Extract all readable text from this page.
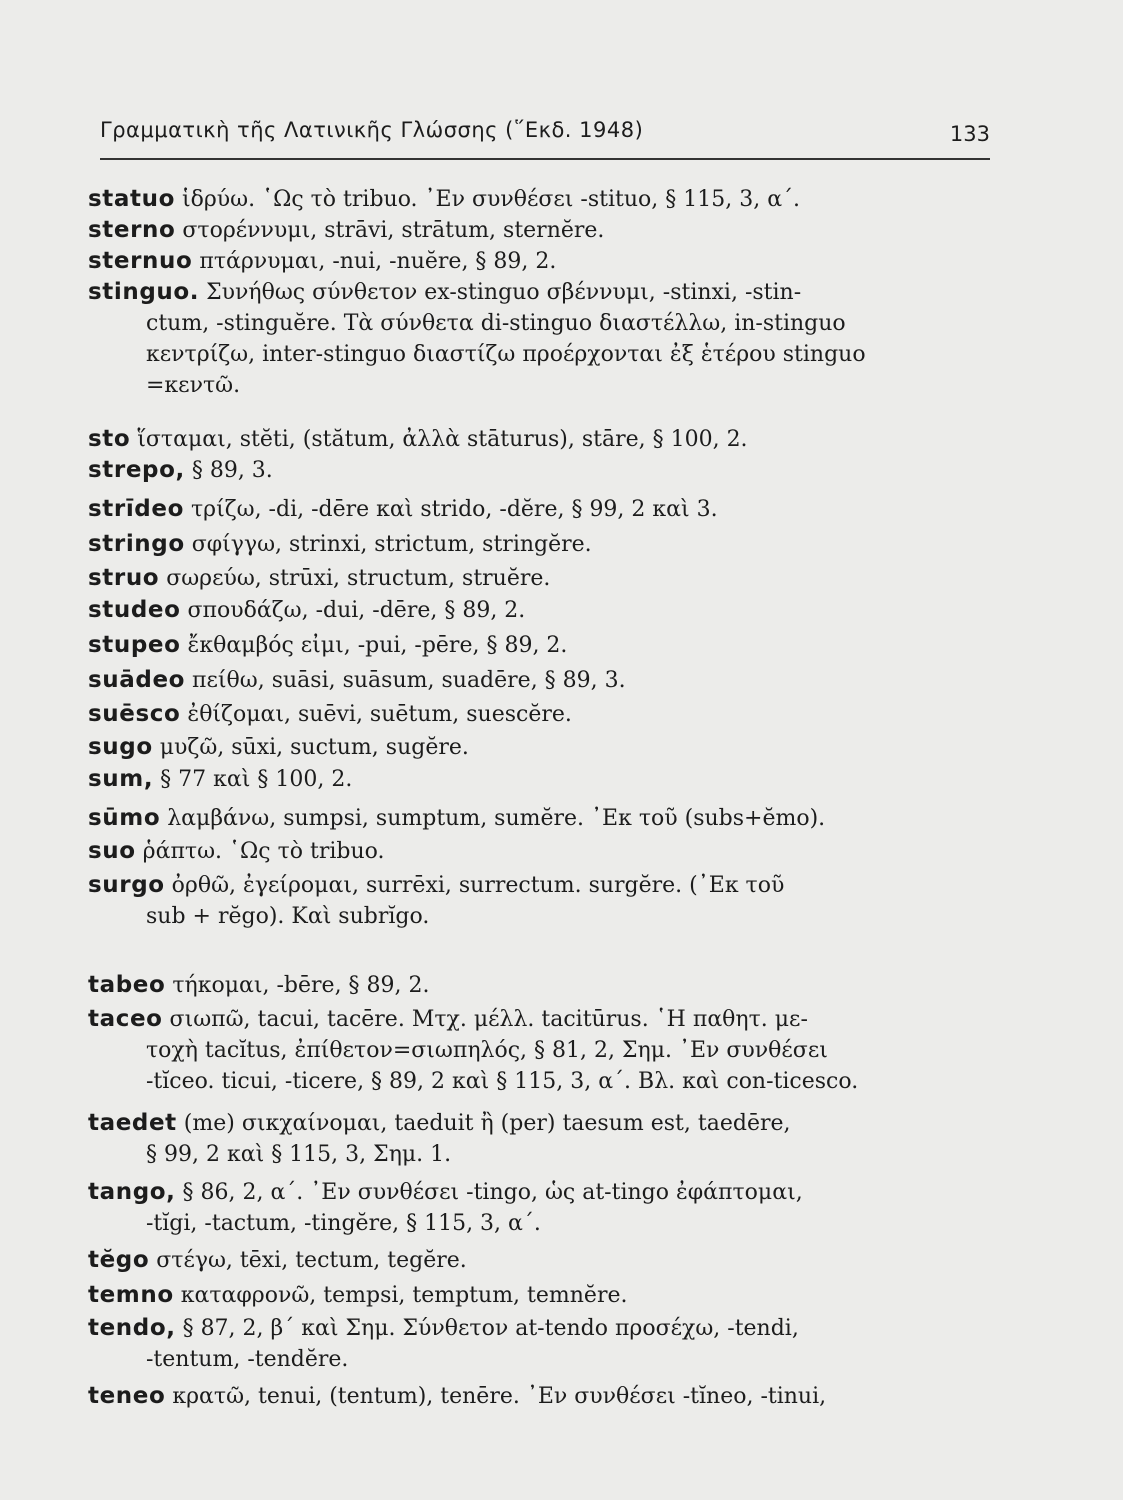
Γραμματικὴ τῆς Λατινικῆς Γλώσσης (῞Εκδ. 1948)	133
statuo ἱδρύω. ῾Ως τὸ tribuo. ᾿Εν συνθέσει -stituo, § 115, 3, α΄.
sterno στορέννυμι, strāvi, strātum, sternĕre.
sternuo πτάρνυμαι, -nui, -nuĕre, § 89, 2.
stinguo. Συνήθως σύνθετον ex-stinguo σβέννυμι, -stinxi, -stin-
ctum, -stinguĕre. Τὰ σύνθετα di-stinguo διαστέλλω, in-stinguo
κεντρίζω, inter-stinguo διαστίζω προέρχονται ἐξ ἑτέρου stinguo
=κεντῶ.
sto ἵσταμαι, stĕti, (stătum, ἀλλὰ stāturus), stāre, § 100, 2.
strepo, § 89, 3.
strīdeo τρίζω, -di, -dēre καὶ strido, -dĕre, § 99, 2 καὶ 3.
stringo σφίγγω, strinxi, strictum, stringĕre.
struo σωρεύω, strūxi, structum, struĕre.
studeo σπουδάζω, -dui, -dēre, § 89, 2.
stupeo ἔκθαμβός εἰμι, -pui, -pēre, § 89, 2.
suādeo πείθω, suāsi, suāsum, suadēre, § 89, 3.
suēsco ἐθίζομαι, suēvi, suētum, suescĕre.
sugo μυζῶ, sūxi, suctum, sugĕre.
sum, § 77 καὶ § 100, 2.
sūmo λαμβάνω, sumpsi, sumptum, sumĕre. ᾿Εκ τοῦ (subs+ĕmo).
suo ῥάπτω. ῾Ως τὸ tribuo.
surgo ὀρθῶ, ἐγείρομαι, surrēxi, surrectum. surgĕre. (᾿Εκ τοῦ
sub + rĕgo). Καὶ subrĭgo.
tabeo τήκομαι, -bēre, § 89, 2.
taceo σιωπῶ, tacui, tacēre. Μτχ. μέλλ. tacitūrus. ῾Η παθητ. με-
τοχὴ tacĭtus, ἐπίθετον=σιωπηλός, § 81, 2, Σημ. ᾿Εν συνθέσει
-tĭceo. ticui, -ticere, § 89, 2 καὶ § 115, 3, α΄. Βλ. καὶ con-ticesco.
taedet (me) σικχαίνομαι, taeduit ἢ (per) taesum est, taedēre,
§ 99, 2 καὶ § 115, 3, Σημ. 1.
tango, § 86, 2, α΄. ᾿Εν συνθέσει -tingo, ὡς at-tingo ἐφάπτομαι,
-tĭgi, -tactum, -tingĕre, § 115, 3, α΄.
tĕgo στέγω, tēxi, tectum, tegĕre.
temno καταφρονῶ, tempsi, temptum, temnĕre.
tendo, § 87, 2, β΄ καὶ Σημ. Σύνθετον at-tendo προσέχω, -tendi,
-tentum, -tendĕre.
teneo κρατῶ, tenui, (tentum), tenēre. ᾿Εν συνθέσει -tĭneo, -tinui,
